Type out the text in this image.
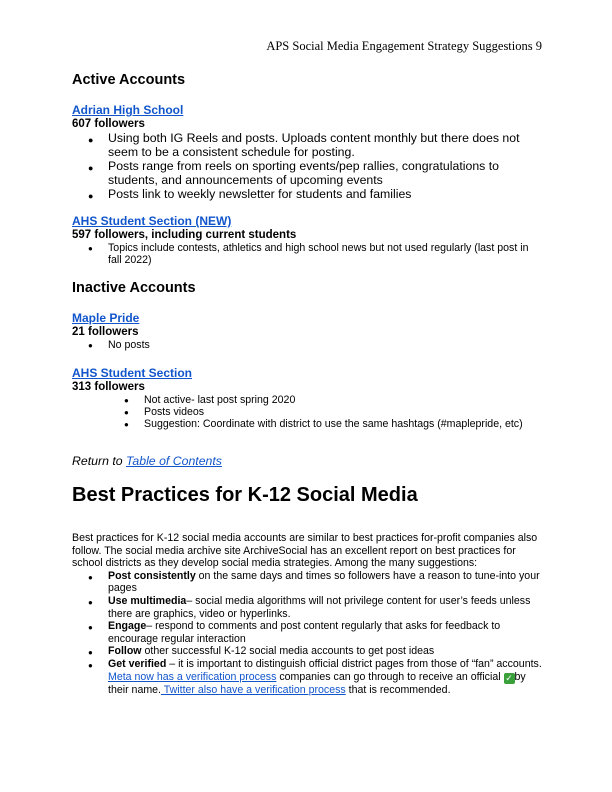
APS Social Media Engagement Strategy Suggestions 9
Active Accounts
Adrian High School
607 followers
● Using both IG Reels and posts. Uploads content monthly but there does not seem to be a consistent schedule for posting.
● Posts range from reels on sporting events/pep rallies, congratulations to students, and announcements of upcoming events
● Posts link to weekly newsletter for students and families
AHS Student Section (NEW)
597 followers, including current students
● Topics include contests, athletics and high school news but not used regularly (last post in fall 2022)
Inactive Accounts
Maple Pride
21 followers
● No posts
AHS Student Section
313 followers
● Not active- last post spring 2020
● Posts videos
● Suggestion: Coordinate with district to use the same hashtags (#maplepride, etc)
Return to Table of Contents
Best Practices for K-12 Social Media
Best practices for K-12 social media accounts are similar to best practices for-profit companies also follow. The social media archive site ArchiveSocial has an excellent report on best practices for school districts as they develop social media strategies. Among the many suggestions:
● Post consistently on the same days and times so followers have a reason to tune-into your pages
● Use multimedia– social media algorithms will not privilege content for user’s feeds unless there are graphics, video or hyperlinks.
● Engage– respond to comments and post content regularly that asks for feedback to encourage regular interaction
● Follow other successful K-12 social media accounts to get post ideas
● Get verified – it is important to distinguish official district pages from those of “fan” accounts. Meta now has a verification process companies can go through to receive an official ✓ by their name. Twitter also have a verification process that is recommended.
